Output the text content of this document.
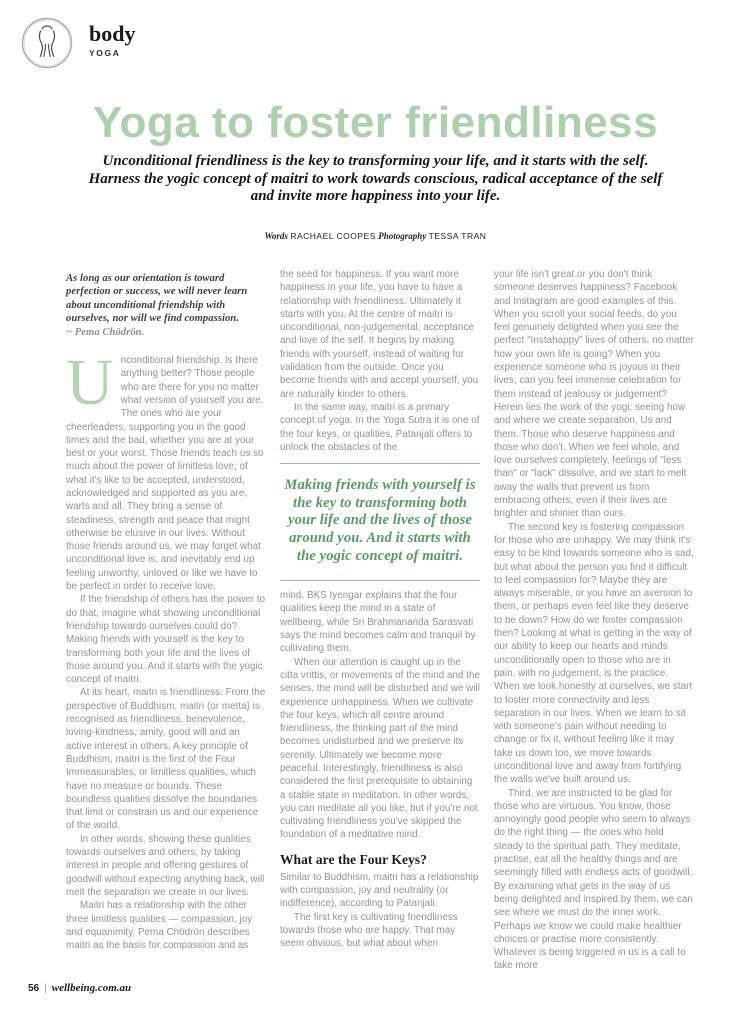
body
YOGA
Yoga to foster friendliness
Unconditional friendliness is the key to transforming your life, and it starts with the self. Harness the yogic concept of maitri to work towards conscious, radical acceptance of the self and invite more happiness into your life.
Words RACHAEL COOPES Photography TESSA TRAN
As long as our orientation is toward perfection or success, we will never learn about unconditional friendship with ourselves, nor will we find compassion.
~ Pema Chödrön.

Unconditional friendship. Is there anything better? Those people who are there for you no matter what version of yourself you are. The ones who are your cheerleaders, supporting you in the good times and the bad, whether you are at your best or your worst. Those friends teach us so much about the power of limitless love; of what it's like to be accepted, understood, acknowledged and supported as you are, warts and all. They bring a sense of steadiness, strength and peace that might otherwise be elusive in our lives. Without those friends around us, we may forget what unconditional love is, and inevitably end up feeling unworthy, unloved or like we have to be perfect in order to receive love.

If the friendship of others has the power to do that, imagine what showing unconditional friendship towards ourselves could do? Making friends with yourself is the key to transforming both your life and the lives of those around you. And it starts with the yogic concept of maitri.

At its heart, maitri is friendliness. From the perspective of Buddhism, maitri (or metta) is recognised as friendliness, benevolence, loving-kindness, amity, good will and an active interest in others. A key principle of Buddhism, maitri is the first of the Four Immeasurables, or limitless qualities, which have no measure or bounds. These boundless qualities dissolve the boundaries that limit or constrain us and our experience of the world.

In other words, showing these qualities towards ourselves and others, by taking interest in people and offering gestures of goodwill without expecting anything back, will melt the separation we create in our lives.

Maitri has a relationship with the other three limitless qualities — compassion, joy and equanimity. Pema Chödrön describes maitri as the basis for compassion and as

the seed for happiness. If you want more happiness in your life, you have to have a relationship with friendliness. Ultimately it starts with you. At the centre of maitri is unconditional, non-judgemental, acceptance and love of the self. It begins by making friends with yourself, instead of waiting for validation from the outside. Once you become friends with and accept yourself, you are naturally kinder to others.

In the same way, maitri is a primary concept of yoga. In the Yoga Sutra it is one of the four keys, or qualities, Patanjali offers to unlock the obstacles of the

Making friends with yourself is the key to transforming both your life and the lives of those around you. And it starts with the yogic concept of maitri.

mind. BKS Iyengar explains that the four qualities keep the mind in a state of wellbeing, while Sri Brahmananda Sarasvati says the mind becomes calm and tranquil by cultivating them.

When our attention is caught up in the citta vrittis, or movements of the mind and the senses, the mind will be disturbed and we will experience unhappiness. When we cultivate the four keys, which all centre around friendliness, the thinking part of the mind becomes undisturbed and we preserve its serenity. Ultimately we become more peaceful. Interestingly, friendliness is also considered the first prerequisite to obtaining a stable state in meditation. In other words, you can meditate all you like, but if you're not cultivating friendliness you've skipped the foundation of a meditative mind.

What are the Four Keys?

Similar to Buddhism, maitri has a relationship with compassion, joy and neutrality (or indifference), according to Patanjali.

The first key is cultivating friendliness towards those who are happy. That may seem obvious, but what about when

your life isn't great or you don't think someone deserves happiness? Facebook and Instagram are good examples of this. When you scroll your social feeds, do you feel genuinely delighted when you see the perfect "Instahappy" lives of others, no matter how your own life is going? When you experience someone who is joyous in their lives, can you feel immense celebration for them instead of jealousy or judgement? Herein lies the work of the yogi; seeing how and where we create separation. Us and them. Those who deserve happiness and those who don't. When we feel whole, and love ourselves completely, feelings of "less than" or "lack" dissolve, and we start to melt away the walls that prevent us from embracing others, even if their lives are brighter and shinier than ours.

The second key is fostering compassion for those who are unhappy. We may think it's easy to be kind towards someone who is sad, but what about the person you find it difficult to feel compassion for? Maybe they are always miserable, or you have an aversion to them, or perhaps even feel like they deserve to be down? How do we foster compassion then? Looking at what is getting in the way of our ability to keep our hearts and minds unconditionally open to those who are in pain, with no judgement, is the practice. When we look honestly at ourselves, we start to foster more connectivity and less separation in our lives. When we learn to sit with someone's pain without needing to change or fix it, without feeling like it may take us down too, we move towards unconditional love and away from fortifying the walls we've built around us.

Third, we are instructed to be glad for those who are virtuous. You know, those annoyingly good people who seem to always do the right thing — the ones who hold steady to the spiritual path. They meditate, practise, eat all the healthy things and are seemingly filled with endless acts of goodwill. By examining what gets in the way of us being delighted and inspired by them, we can see where we must do the inner work. Perhaps we know we could make healthier choices or practise more consistently. Whatever is being triggered in us is a call to take more

56 | wellbeing.com.au
